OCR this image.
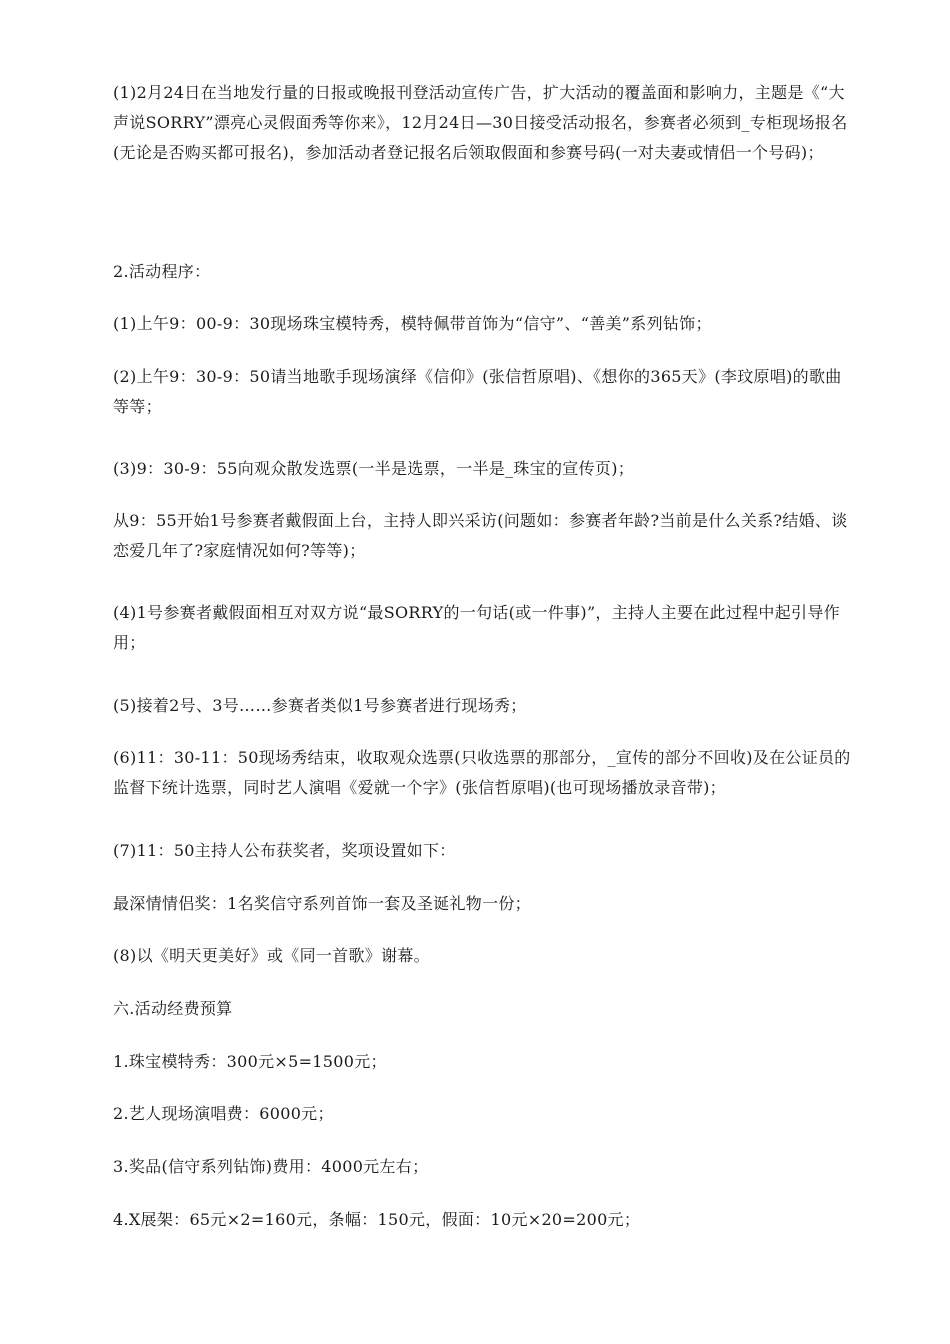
(1)2月24日在当地发行量的日报或晚报刊登活动宣传广告，扩大活动的覆盖面和影响力，主题是《“大声说SORRY”漂亮心灵假面秀等你来》，12月24日—30日接受活动报名，参赛者必须到_专柜现场报名(无论是否购买都可报名)，参加活动者登记报名后领取假面和参赛号码(一对夫妻或情侣一个号码)；

2.活动程序：

(1)上午9：00-9：30现场珠宝模特秀，模特佩带首饰为“信守”、“善美”系列钻饰；

(2)上午9：30-9：50请当地歌手现场演绎《信仰》(张信哲原唱)、《想你的365天》(李玟原唱)的歌曲等等；

(3)9：30-9：55向观众散发选票(一半是选票，一半是_珠宝的宣传页)；

从9：55开始1号参赛者戴假面上台，主持人即兴采访(问题如：参赛者年龄?当前是什么关系?结婚、谈恋爱几年了?家庭情况如何?等等)；

(4)1号参赛者戴假面相互对双方说“最SORRY的一句话(或一件事)”，主持人主要在此过程中起引导作用；

(5)接着2号、3号……参赛者类似1号参赛者进行现场秀；

(6)11：30-11：50现场秀结束，收取观众选票(只收选票的那部分，_宣传的部分不回收)及在公证员的监督下统计选票，同时艺人演唱《爱就一个字》(张信哲原唱)(也可现场播放录音带)；

(7)11：50主持人公布获奖者，奖项设置如下：

最深情情侣奖：1名奖信守系列首饰一套及圣诞礼物一份；

(8)以《明天更美好》或《同一首歌》谢幕。

六.活动经费预算

1.珠宝模特秀：300元×5=1500元；

2.艺人现场演唱费：6000元；

3.奖品(信守系列钻饰)费用：4000元左右；

4.X展架：65元×2=160元，条幅：150元，假面：10元×20=200元；
